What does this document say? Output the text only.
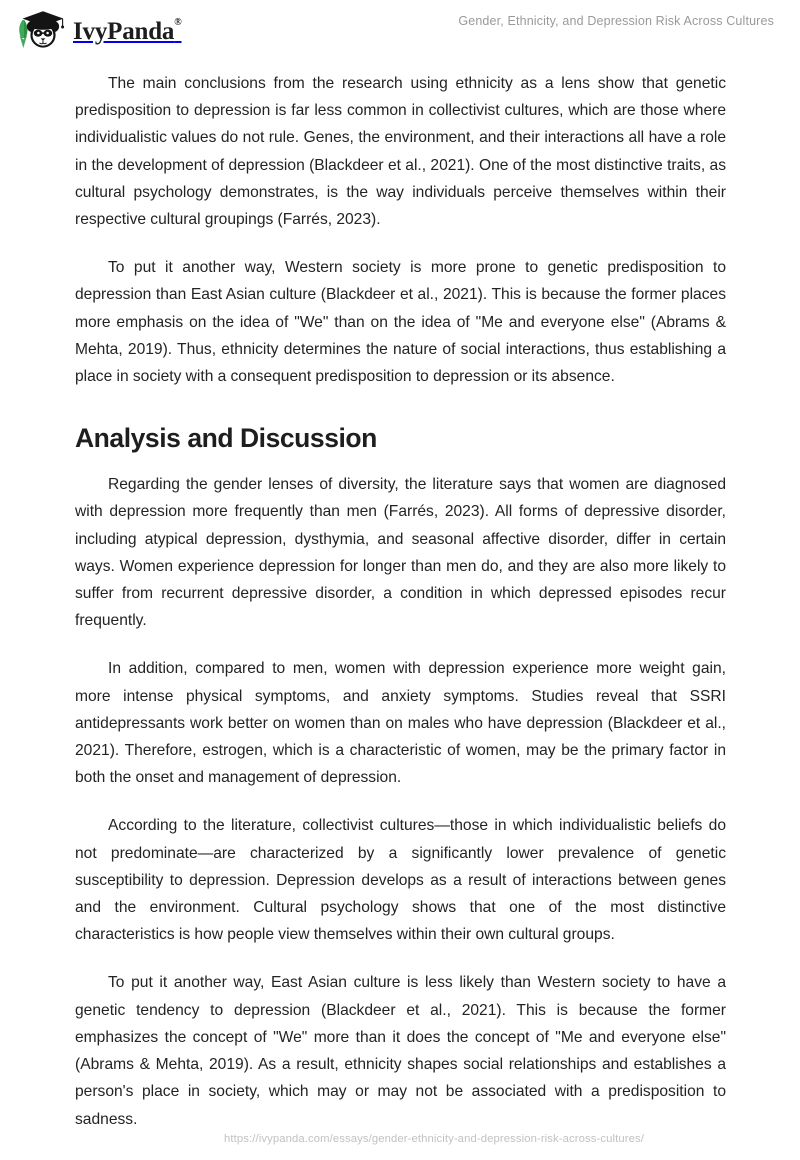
IvyPanda®	Gender, Ethnicity, and Depression Risk Across Cultures

The main conclusions from the research using ethnicity as a lens show that genetic predisposition to depression is far less common in collectivist cultures, which are those where individualistic values do not rule. Genes, the environment, and their interactions all have a role in the development of depression (Blackdeer et al., 2021). One of the most distinctive traits, as cultural psychology demonstrates, is the way individuals perceive themselves within their respective cultural groupings (Farrés, 2023).

To put it another way, Western society is more prone to genetic predisposition to depression than East Asian culture (Blackdeer et al., 2021). This is because the former places more emphasis on the idea of "We" than on the idea of "Me and everyone else" (Abrams & Mehta, 2019). Thus, ethnicity determines the nature of social interactions, thus establishing a place in society with a consequent predisposition to depression or its absence.

Analysis and Discussion

Regarding the gender lenses of diversity, the literature says that women are diagnosed with depression more frequently than men (Farrés, 2023). All forms of depressive disorder, including atypical depression, dysthymia, and seasonal affective disorder, differ in certain ways. Women experience depression for longer than men do, and they are also more likely to suffer from recurrent depressive disorder, a condition in which depressed episodes recur frequently.

In addition, compared to men, women with depression experience more weight gain, more intense physical symptoms, and anxiety symptoms. Studies reveal that SSRI antidepressants work better on women than on males who have depression (Blackdeer et al., 2021). Therefore, estrogen, which is a characteristic of women, may be the primary factor in both the onset and management of depression.

According to the literature, collectivist cultures—those in which individualistic beliefs do not predominate—are characterized by a significantly lower prevalence of genetic susceptibility to depression. Depression develops as a result of interactions between genes and the environment. Cultural psychology shows that one of the most distinctive characteristics is how people view themselves within their own cultural groups.

To put it another way, East Asian culture is less likely than Western society to have a genetic tendency to depression (Blackdeer et al., 2021). This is because the former emphasizes the concept of "We" more than it does the concept of "Me and everyone else" (Abrams & Mehta, 2019). As a result, ethnicity shapes social relationships and establishes a person's place in society, which may or may not be associated with a predisposition to sadness.

https://ivypanda.com/essays/gender-ethnicity-and-depression-risk-across-cultures/
